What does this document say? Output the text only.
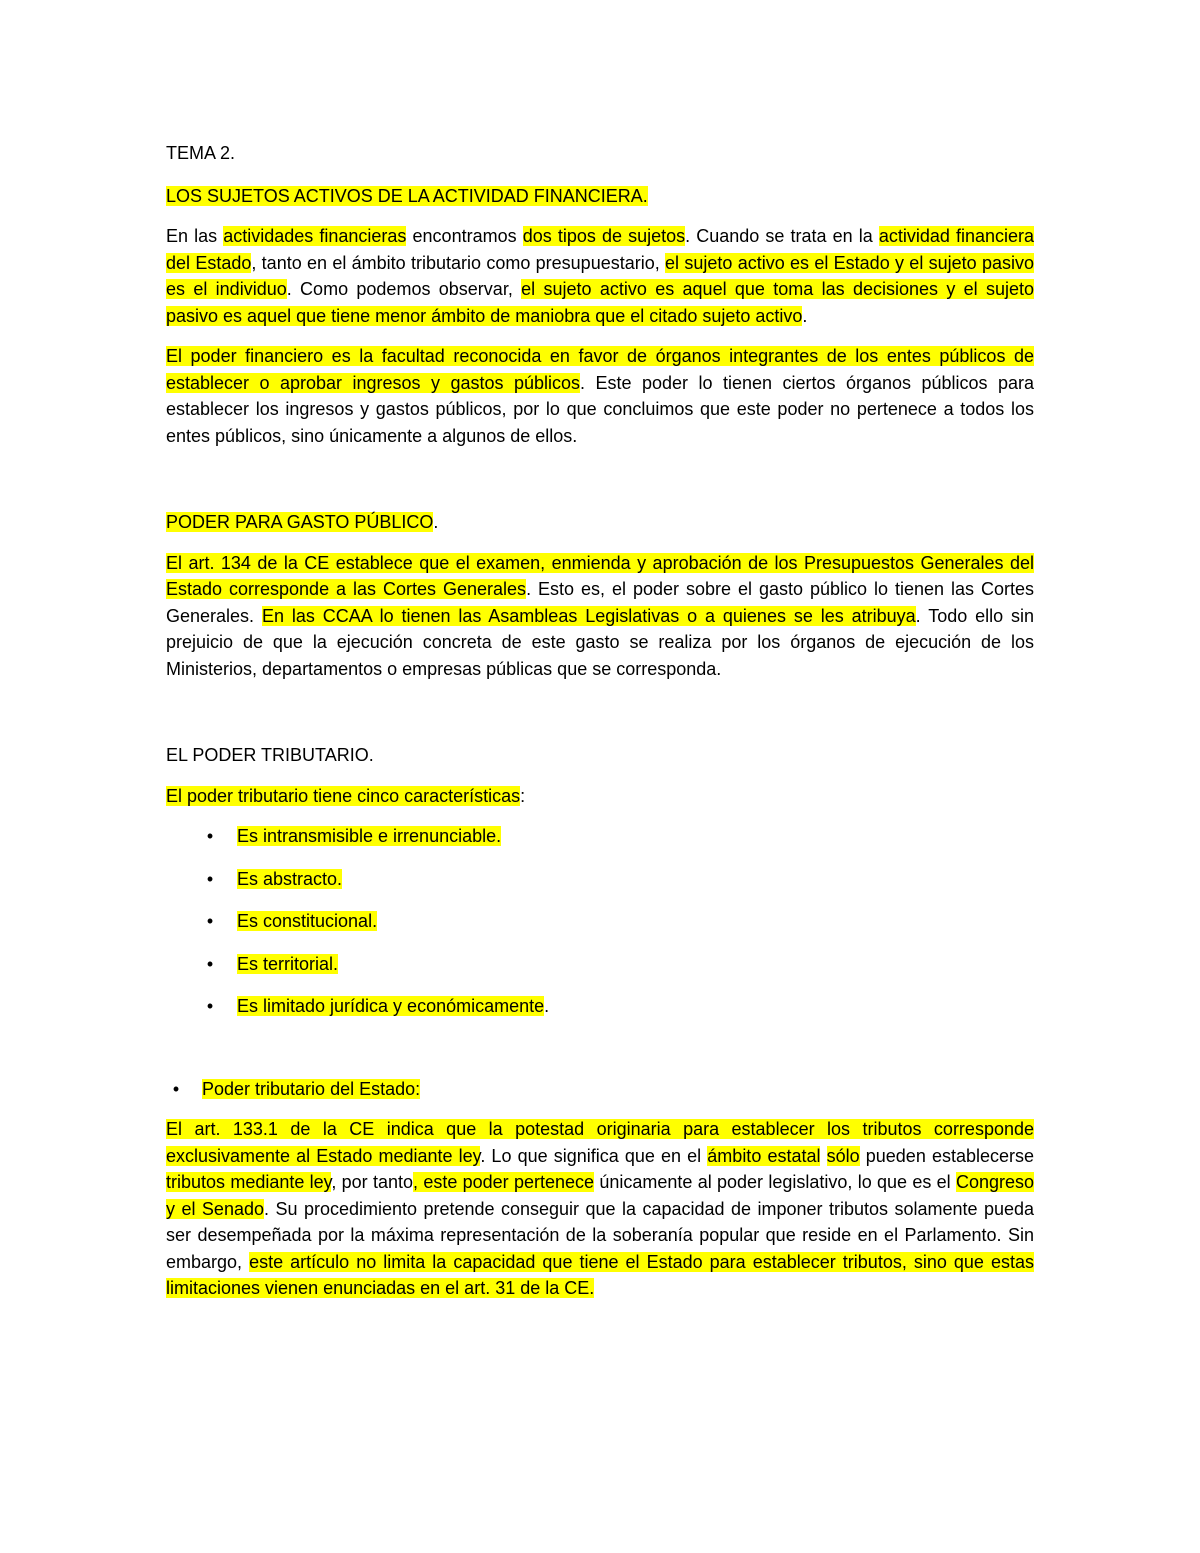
TEMA 2.

LOS SUJETOS ACTIVOS DE LA ACTIVIDAD FINANCIERA.

En las actividades financieras encontramos dos tipos de sujetos. Cuando se trata en la actividad financiera del Estado, tanto en el ámbito tributario como presupuestario, el sujeto activo es el Estado y el sujeto pasivo es el individuo. Como podemos observar, el sujeto activo es aquel que toma las decisiones y el sujeto pasivo es aquel que tiene menor ámbito de maniobra que el citado sujeto activo.

El poder financiero es la facultad reconocida en favor de órganos integrantes de los entes públicos de establecer o aprobar ingresos y gastos públicos. Este poder lo tienen ciertos órganos públicos para establecer los ingresos y gastos públicos, por lo que concluimos que este poder no pertenece a todos los entes públicos, sino únicamente a algunos de ellos.

PODER PARA GASTO PÚBLICO.

El art. 134 de la CE establece que el examen, enmienda y aprobación de los Presupuestos Generales del Estado corresponde a las Cortes Generales. Esto es, el poder sobre el gasto público lo tienen las Cortes Generales. En las CCAA lo tienen las Asambleas Legislativas o a quienes se les atribuya. Todo ello sin prejuicio de que la ejecución concreta de este gasto se realiza por los órganos de ejecución de los Ministerios, departamentos o empresas públicas que se corresponda.

EL PODER TRIBUTARIO.

El poder tributario tiene cinco características:

•	Es intransmisible e irrenunciable.
•	Es abstracto.
•	Es constitucional.
•	Es territorial.
•	Es limitado jurídica y económicamente.

•	Poder tributario del Estado:

El art. 133.1 de la CE indica que la potestad originaria para establecer los tributos corresponde exclusivamente al Estado mediante ley. Lo que significa que en el ámbito estatal sólo pueden establecerse tributos mediante ley, por tanto, este poder pertenece únicamente al poder legislativo, lo que es el Congreso y el Senado. Su procedimiento pretende conseguir que la capacidad de imponer tributos solamente pueda ser desempeñada por la máxima representación de la soberanía popular que reside en el Parlamento. Sin embargo, este artículo no limita la capacidad que tiene el Estado para establecer tributos, sino que estas limitaciones vienen enunciadas en el art. 31 de la CE.
